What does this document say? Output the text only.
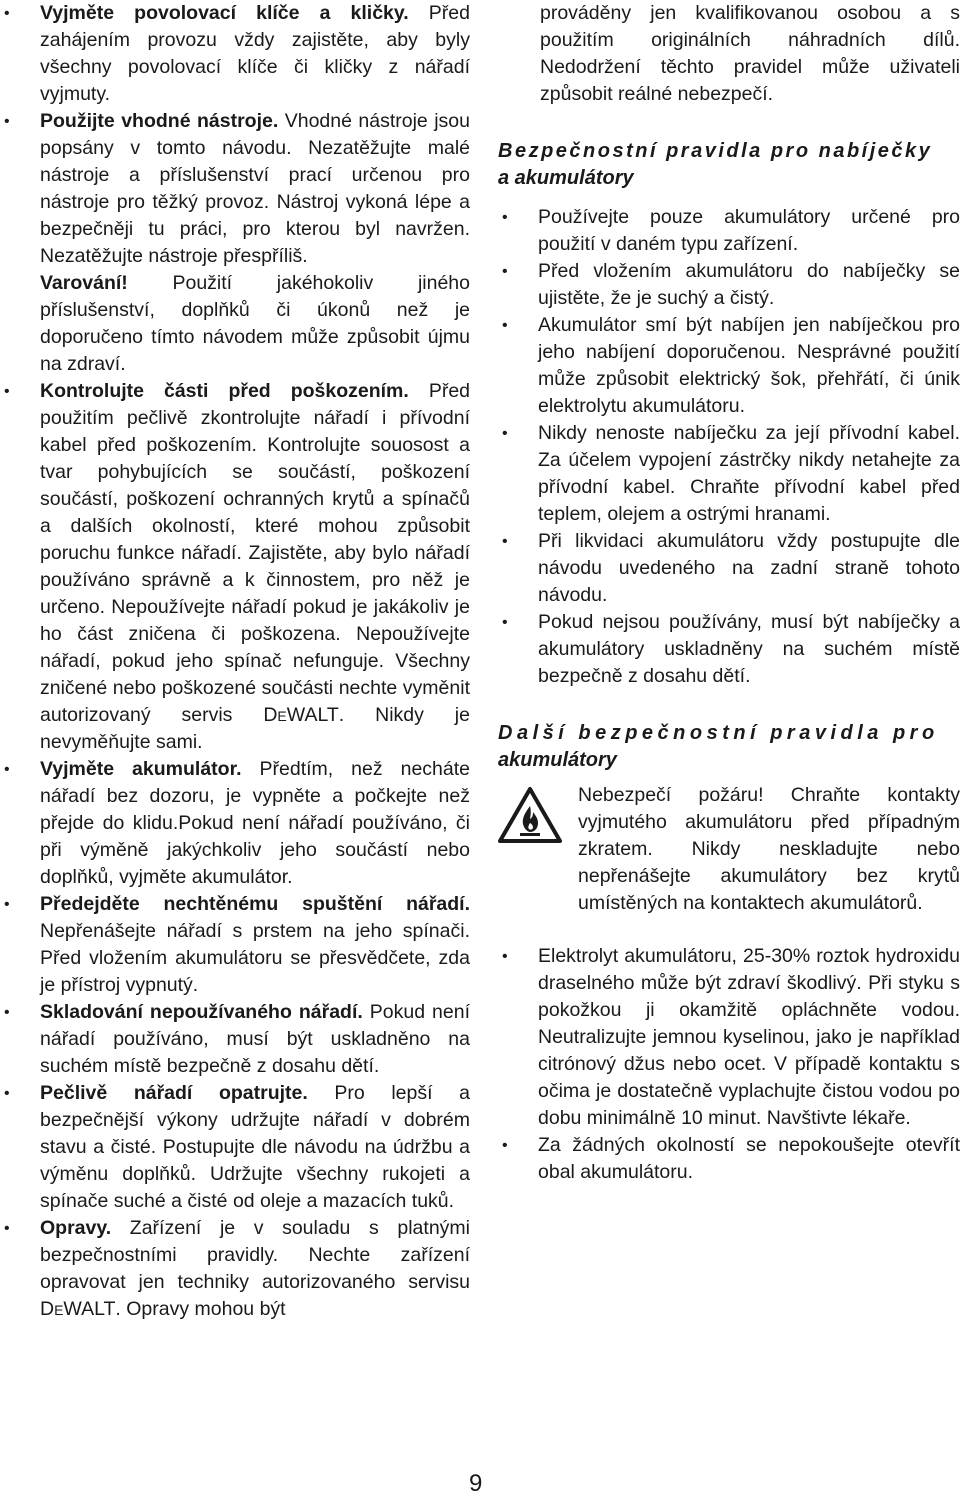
• Vyjměte povolovací klíče a kličky. Před zahájením provozu vždy zajistěte, aby byly všechny povolovací klíče či kličky z nářadí vyjmuty.
• Použijte vhodné nástroje. Vhodné nástroje jsou popsány v tomto návodu. Nezatěžujte malé nástroje a příslušenství prací určenou pro nástroje pro těžký provoz. Nástroj vykoná lépe a bezpečněji tu práci, pro kterou byl navržen. Nezatěžujte nástroje přespříliš.
Varování! Použití jakéhokoliv jiného příslušenství, doplňků či úkonů než je doporučeno tímto návodem může způsobit újmu na zdraví.
• Kontrolujte části před poškozením. Před použitím pečlivě zkontrolujte nářadí i přívodní kabel před poškozením. Kontrolujte souosost a tvar pohybujících se součástí, poškození součástí, poškození ochranných krytů a spínačů a dalších okolností, které mohou způsobit poruchu funkce nářadí. Zajistěte, aby bylo nářadí používáno správně a k činnostem, pro něž je určeno. Nepoužívejte nářadí pokud je jakákoliv je ho část zničena či poškozena. Nepoužívejte nářadí, pokud jeho spínač nefunguje. Všechny zničené nebo poškozené součásti nechte vyměnit autorizovaný servis DeWALT. Nikdy je nevyměňujte sami.
• Vyjměte akumulátor. Předtím, než necháte nářadí bez dozoru, je vypněte a počkejte než přejde do klidu.Pokud není nářadí používáno, či při výměně jakýchkoliv jeho součástí nebo doplňků, vyjměte akumulátor.
• Předejděte nechtěnému spuštění nářadí. Nepřenášejte nářadí s prstem na jeho spínači. Před vložením akumulátoru se přesvědčete, zda je přístroj vypnutý.
• Skladování nepoužívaného nářadí. Pokud není nářadí používáno, musí být uskladněno na suchém místě bezpečně z dosahu dětí.
• Pečlivě nářadí opatrujte. Pro lepší a bezpečnější výkony udržujte nářadí v dobrém stavu a čisté. Postupujte dle návodu na údržbu a výměnu doplňků. Udržujte všechny rukojeti a spínače suché a čisté od oleje a mazacích tuků.
• Opravy. Zařízení je v souladu s platnými bezpečnostními pravidly. Nechte zařízení opravovat jen techniky autorizovaného servisu DeWALT. Opravy mohou být
prováděny jen kvalifikovanou osobou a s použitím originálních náhradních dílů. Nedodržení těchto pravidel může uživateli způsobit reálné nebezpečí.
Bezpečnostní pravidla pro nabíječky
a akumulátory
• Používejte pouze akumulátory určené pro použití v daném typu zařízení.
• Před vložením akumulátoru do nabíječky se ujistěte, že je suchý a čistý.
• Akumulátor smí být nabíjen jen nabíječkou pro jeho nabíjení doporučenou. Nesprávné použití může způsobit elektrický šok, přehřátí, či únik elektrolytu akumulátoru.
• Nikdy nenoste nabíječku za její přívodní kabel. Za účelem vypojení zástrčky nikdy netahejte za přívodní kabel. Chraňte přívodní kabel před teplem, olejem a ostrými hranami.
• Při likvidaci akumulátoru vždy postupujte dle návodu uvedeného na zadní straně tohoto návodu.
• Pokud nejsou používány, musí být nabíječky a akumulátory uskladněny na suchém místě bezpečně z dosahu dětí.
Další bezpečnostní pravidla pro
akumulátory
Nebezpečí požáru! Chraňte kontakty vyjmutého akumulátoru před případným zkratem. Nikdy neskladujte nebo nepřenášejte akumulátory bez krytů umístěných na kontaktech akumulátorů.
• Elektrolyt akumulátoru, 25-30% roztok hydroxidu draselného může být zdraví škodlivý. Při styku s pokožkou ji okamžitě opláchněte vodou. Neutralizujte jemnou kyselinou, jako je například citrónový džus nebo ocet. V případě kontaktu s očima je dostatečně vyplachujte čistou vodou po dobu minimálně 10 minut. Navštivte lékaře.
• Za žádných okolností se nepokoušejte otevřít obal akumulátoru.
9
